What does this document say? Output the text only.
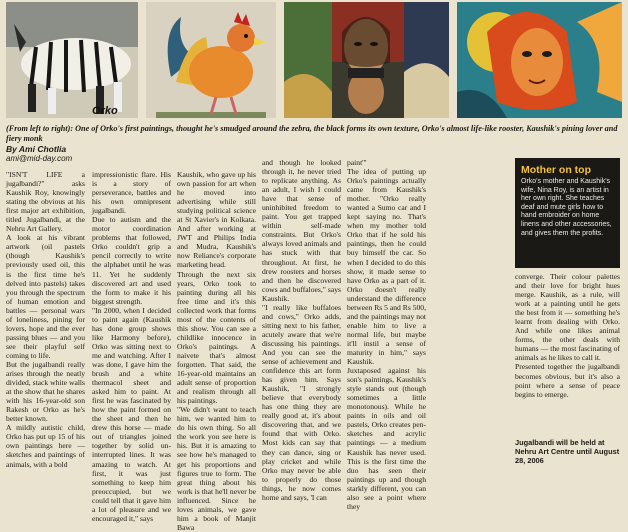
Orko
(From left to right): One of Orko's first paintings, thought he's smudged around the zebra, the black forms its own texture, Orko's almost life-like rooster, Kaushik's pining lover and fiery monk
By Ami Chotlia
ami@mid-day.com
"ISN'T LIFE a jugalbandi?" asks Kaushik Roy, knowingly stating the obvious at his first major art exhibition, titled Jugalbandi, at the Nehru Art Gallery.
A look at his vibrant artwork (oil pastels (though Kaushik's previously used oil, this is the first time he's delved into pastels) takes you through the spectrum of human emotion and battles — personal wars of loneliness, pining for lovers, hope and the ever passing blues — and you see their playful self coming to life.
But the jugalbandi really arises through the neatly divided, stack white walls at the show that he shares with his 16-year-old son Rakesh or Orko as he's better known.
A mildly autistic child, Orko has put up 15 of his own paintings here — sketches and paintings of animals, with a bold
impressionistic flare. His is a story of perseverance, battles and his own omnipresent jugalbandi.
Due to autism and the motor coordination problems that followed, Orko couldn't grip a pencil correctly to write the alphabet until he was 11. Yet he suddenly discovered art and used the form to make it his biggest strength.
"In 2000, when I decided to paint again (Kaushik has done group shows like Harmony before), Orko was sitting next to me and watching. After I was done, I gave him the brush and a white thermacol sheet and asked him to paint. At first he was fascinated by how the paint formed on the sheet and then he drew this horse — made out of triangles joined together by solid un-interrupted lines. It was amazing to watch. At first, it was just something to keep him preoccupied, but we could tell that it gave him a lot of pleasure and we encouraged it," says
Kaushik, who gave up his own passion for art when he moved into advertising while still studying political science at St Xavier's in Kolkata. And after working at JWT and Philips India and Mudra, Kaushik's now Reliance's corporate marketing head.
Through the next six years, Orko took to painting during all his free time and it's this collected work that forms most of the contents of this show. You can see a childlike innocence in Orko's paintings. A naivete that's almost forgotten. That said, the 16-year-old maintains an adult sense of proportion and realism through all his paintings.
"We didn't want to teach him, we wanted him to do his own thing. So all the work you see here is his. But it is amazing to see how he's managed to get his proportions and figures true to form. The great thing about his work is that he'll never be influenced. Since he loves animals, we gave him a book of Manjit Bawa
and though he looked through it, he never tried to replicate anything. As an adult, I wish I could have that sense of uninhibited freedom to paint. You get trapped within self-made constraints. But Orko's always loved animals and has stuck with that throughout. At first, he drew roosters and horses and then he discovered cows and buffaloes," says Kaushik.
"I really like buffaloes and cows," Orko adds, sitting next to his father, acutely aware that we're discussing his paintings. And you can see the sense of achievement and confidence this art form has given him. Says Kaushik, "I strongly believe that everybody has one thing they are really good at, it's about discovering that, and we found that with Orko. Most kids can say that they can dance, sing or play cricket and while Orko may never be able to properly do those things, he now comes home and says, 'I can
paint'"
The idea of putting up Orko's paintings actually came from Kaushik's mother. "Orko really wanted a Sumo car and I kept saying no. That's when my mother told Orko that if he sold his paintings, then he could buy himself the car. So when I decided to do this show, it made sense to have Orko as a part of it. Orko doesn't really understand the difference between Rs 5 and Rs 500, and the paintings may not enable him to live a normal life, but maybe it'll instil a sense of maturity in him," says Kaushik.
Juxtaposed against his son's paintings, Kaushik's style stands out (though sometimes a little monotonous). While he paints in oils and oil pastels, Orko creates pen-sketches and acrylic paintings — a medium Kaushik has never used. This is the first time the duo has seen their paintings up and though starkly different, you can also see a point where they
Mother on top
Orko's mother and Kaushik's wife, Nina Roy, is an artist in her own right. She teaches deaf and mute girls how to hand embroider on home linens and other accessories, and gives them the profits.
converge. Their colour palettes and their love for bright hues merge. Kaushik, as a rule, will work at a painting until he gets the best from it — something he's learnt from dealing with Orko. And while one likes animal forms, the other deals with humans — the most fascinating of animals as he likes to call it.
Presented together the jugalbandi becomes obvious, but it's also a point where a sense of peace begins to emerge.
Jugalbandi will be held at Nehru Art Centre until August 28, 2006
